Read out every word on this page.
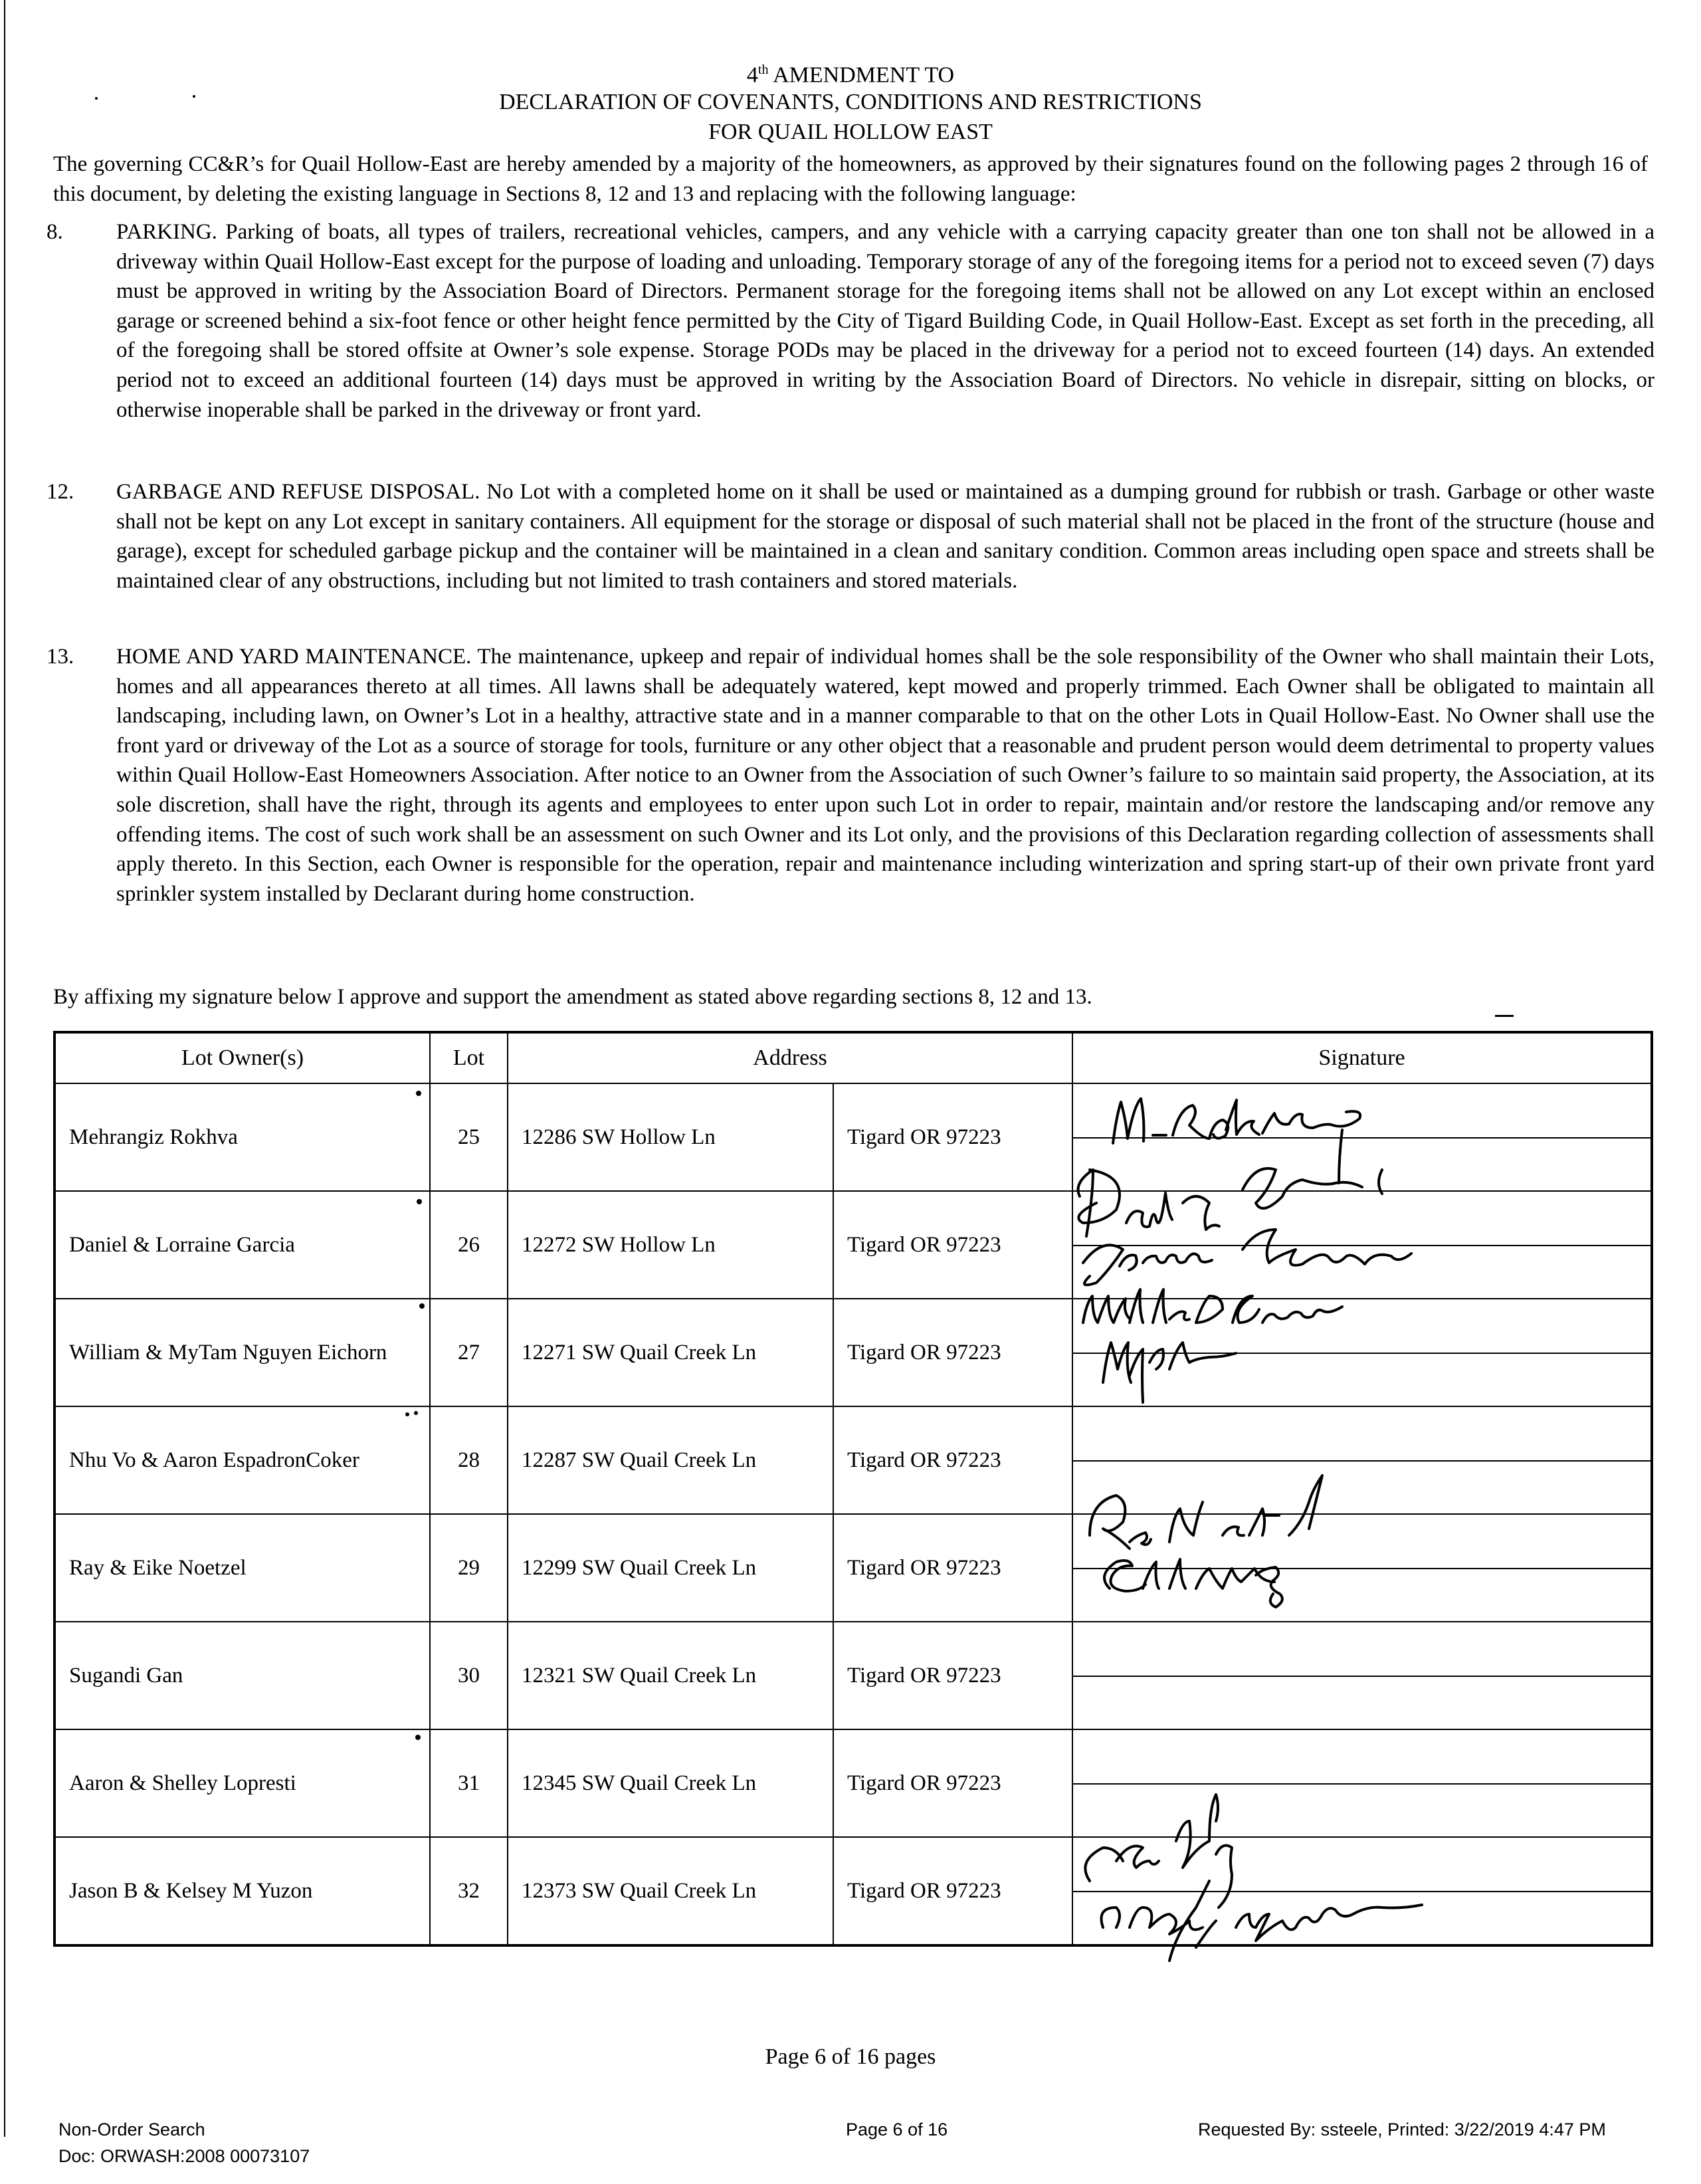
4th AMENDMENT TO
DECLARATION OF COVENANTS, CONDITIONS AND RESTRICTIONS
FOR QUAIL HOLLOW EAST
The governing CC&R’s for Quail Hollow-East are hereby amended by a majority of the homeowners, as approved by their signatures found on the following pages 2 through 16 of this document, by deleting the existing language in Sections 8, 12 and 13 and replacing with the following language:
8.	PARKING. Parking of boats, all types of trailers, recreational vehicles, campers, and any vehicle with a carrying capacity greater than one ton shall not be allowed in a driveway within Quail Hollow-East except for the purpose of loading and unloading. Temporary storage of any of the foregoing items for a period not to exceed seven (7) days must be approved in writing by the Association Board of Directors. Permanent storage for the foregoing items shall not be allowed on any Lot except within an enclosed garage or screened behind a six-foot fence or other height fence permitted by the City of Tigard Building Code, in Quail Hollow-East. Except as set forth in the preceding, all of the foregoing shall be stored offsite at Owner’s sole expense. Storage PODs may be placed in the driveway for a period not to exceed fourteen (14) days. An extended period not to exceed an additional fourteen (14) days must be approved in writing by the Association Board of Directors. No vehicle in disrepair, sitting on blocks, or otherwise inoperable shall be parked in the driveway or front yard.
12.	GARBAGE AND REFUSE DISPOSAL. No Lot with a completed home on it shall be used or maintained as a dumping ground for rubbish or trash. Garbage or other waste shall not be kept on any Lot except in sanitary containers. All equipment for the storage or disposal of such material shall not be placed in the front of the structure (house and garage), except for scheduled garbage pickup and the container will be maintained in a clean and sanitary condition. Common areas including open space and streets shall be maintained clear of any obstructions, including but not limited to trash containers and stored materials.
13.	HOME AND YARD MAINTENANCE. The maintenance, upkeep and repair of individual homes shall be the sole responsibility of the Owner who shall maintain their Lots, homes and all appearances thereto at all times. All lawns shall be adequately watered, kept mowed and properly trimmed. Each Owner shall be obligated to maintain all landscaping, including lawn, on Owner’s Lot in a healthy, attractive state and in a manner comparable to that on the other Lots in Quail Hollow-East. No Owner shall use the front yard or driveway of the Lot as a source of storage for tools, furniture or any other object that a reasonable and prudent person would deem detrimental to property values within Quail Hollow-East Homeowners Association. After notice to an Owner from the Association of such Owner’s failure to so maintain said property, the Association, at its sole discretion, shall have the right, through its agents and employees to enter upon such Lot in order to repair, maintain and/or restore the landscaping and/or remove any offending items. The cost of such work shall be an assessment on such Owner and its Lot only, and the provisions of this Declaration regarding collection of assessments shall apply thereto. In this Section, each Owner is responsible for the operation, repair and maintenance including winterization and spring start-up of their own private front yard sprinkler system installed by Declarant during home construction.
By affixing my signature below I approve and support the amendment as stated above regarding sections 8, 12 and 13.
Lot Owner(s)	Lot	Address		Signature
Mehrangiz Rokhva	25	12286 SW Hollow Ln	Tigard OR 97223	

Daniel & Lorraine Garcia	26	12272 SW Hollow Ln	Tigard OR 97223	

William & MyTam Nguyen Eichorn	27	12271 SW Quail Creek Ln	Tigard OR 97223	

Nhu Vo & Aaron EspadronCoker	28	12287 SW Quail Creek Ln	Tigard OR 97223	

Ray & Eike Noetzel	29	12299 SW Quail Creek Ln	Tigard OR 97223	

Sugandi Gan	30	12321 SW Quail Creek Ln	Tigard OR 97223	

Aaron & Shelley Lopresti	31	12345 SW Quail Creek Ln	Tigard OR 97223	

Jason B & Kelsey M Yuzon	32	12373 SW Quail Creek Ln	Tigard OR 97223	
Page 6 of 16 pages
Non-Order Search
Doc: ORWASH:2008 00073107
Page 6 of 16	Requested By: ssteele, Printed: 3/22/2019 4:47 PM
